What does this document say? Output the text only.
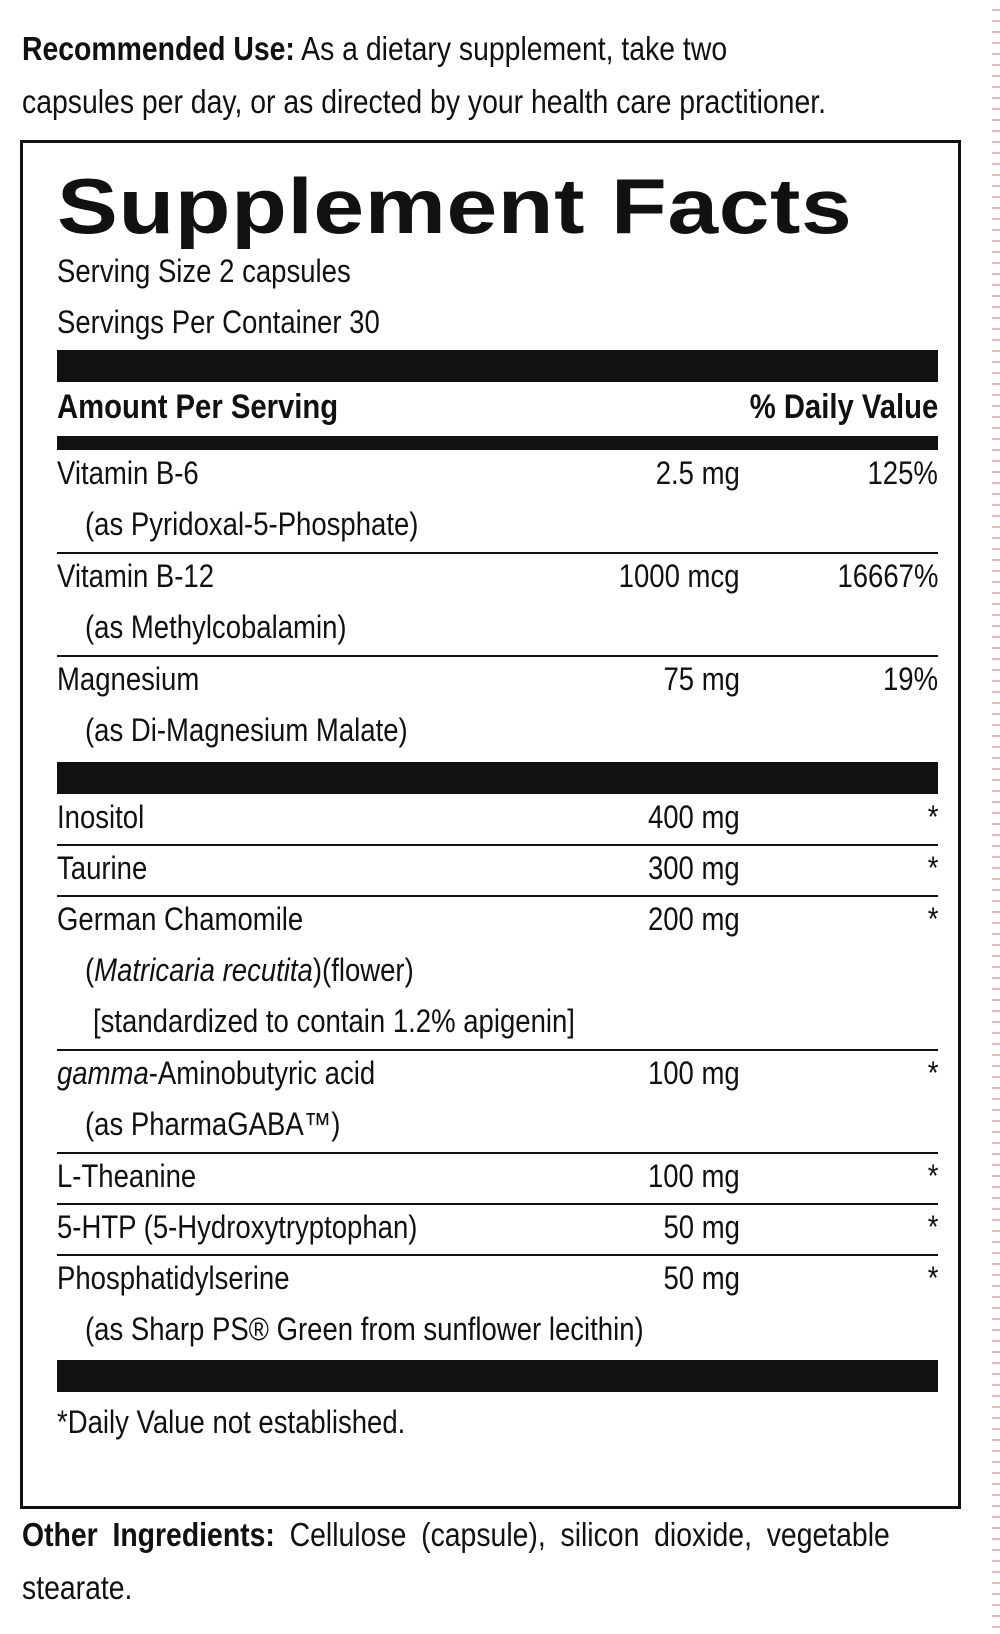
Recommended Use: As a dietary supplement, take two capsules per day, or as directed by your health care practitioner.
Supplement Facts
Serving Size 2 capsules
Servings Per Container 30
Amount Per Serving	% Daily Value
Vitamin B-6	2.5 mg	125%
(as Pyridoxal-5-Phosphate)
Vitamin B-12	1000 mcg	16667%
(as Methylcobalamin)
Magnesium	75 mg	19%
(as Di-Magnesium Malate)
Inositol	400 mg	*
Taurine	300 mg	*
German Chamomile	200 mg	*
(Matricaria recutita)(flower)
[standardized to contain 1.2% apigenin]
gamma-Aminobutyric acid	100 mg	*
(as PharmaGABA™)
L-Theanine	100 mg	*
5-HTP (5-Hydroxytryptophan)	50 mg	*
Phosphatidylserine	50 mg	*
(as Sharp PS® Green from sunflower lecithin)
*Daily Value not established.
Other Ingredients: Cellulose (capsule), silicon dioxide, vegetable stearate.
